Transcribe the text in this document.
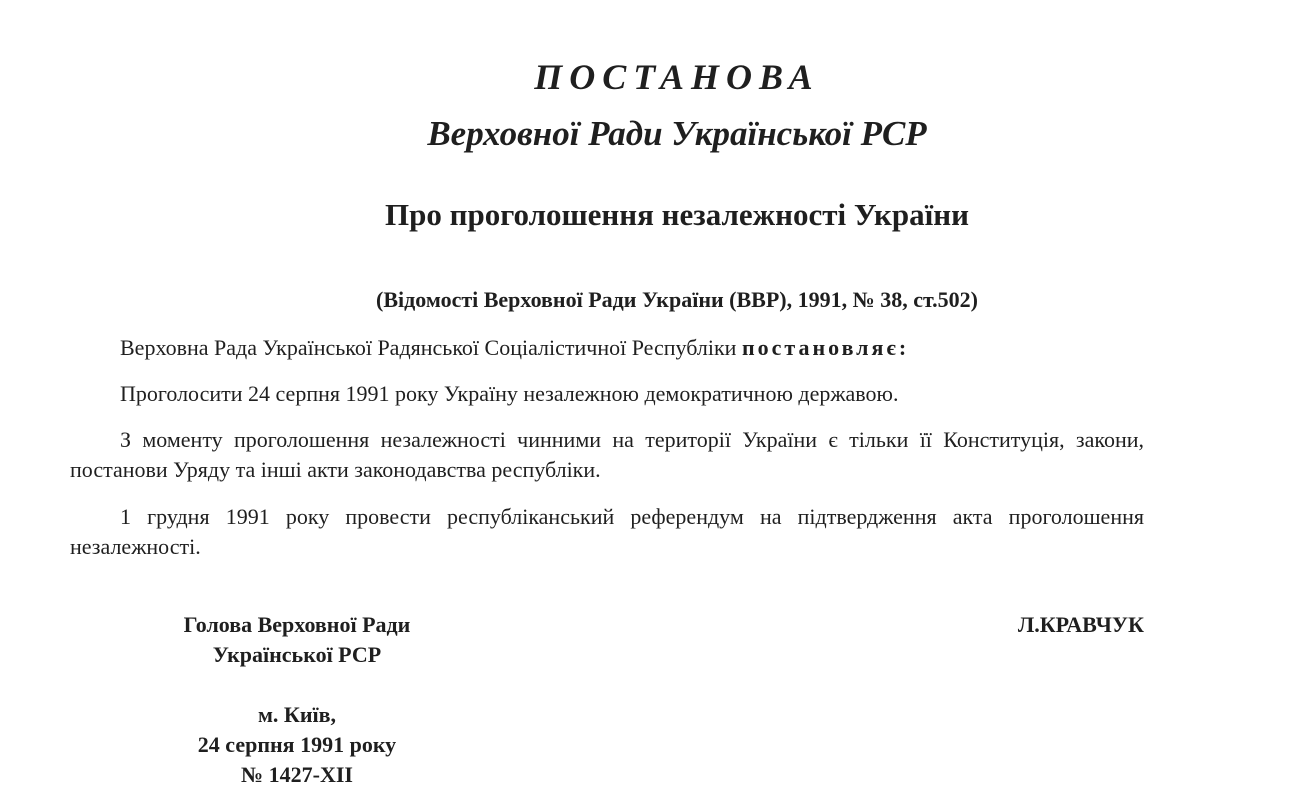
ПОСТАНОВА
Верховної Ради Української РСР
Про проголошення незалежності України

(Відомості Верховної Ради України (ВВР), 1991, № 38, ст.502)

Верховна Рада Української Радянської Соціалістичної Республіки постановляє:

Проголосити 24 серпня 1991 року Україну незалежною демократичною державою.

З моменту проголошення незалежності чинними на території України є тільки її Конституція, закони, постанови Уряду та інші акти законодавства республіки.

1 грудня 1991 року провести республіканський референдум на підтвердження акта проголошення незалежності.

Голова Верховної Ради
Української РСР
Л.КРАВЧУК
м. Київ,
24 серпня 1991 року
№ 1427-XII
